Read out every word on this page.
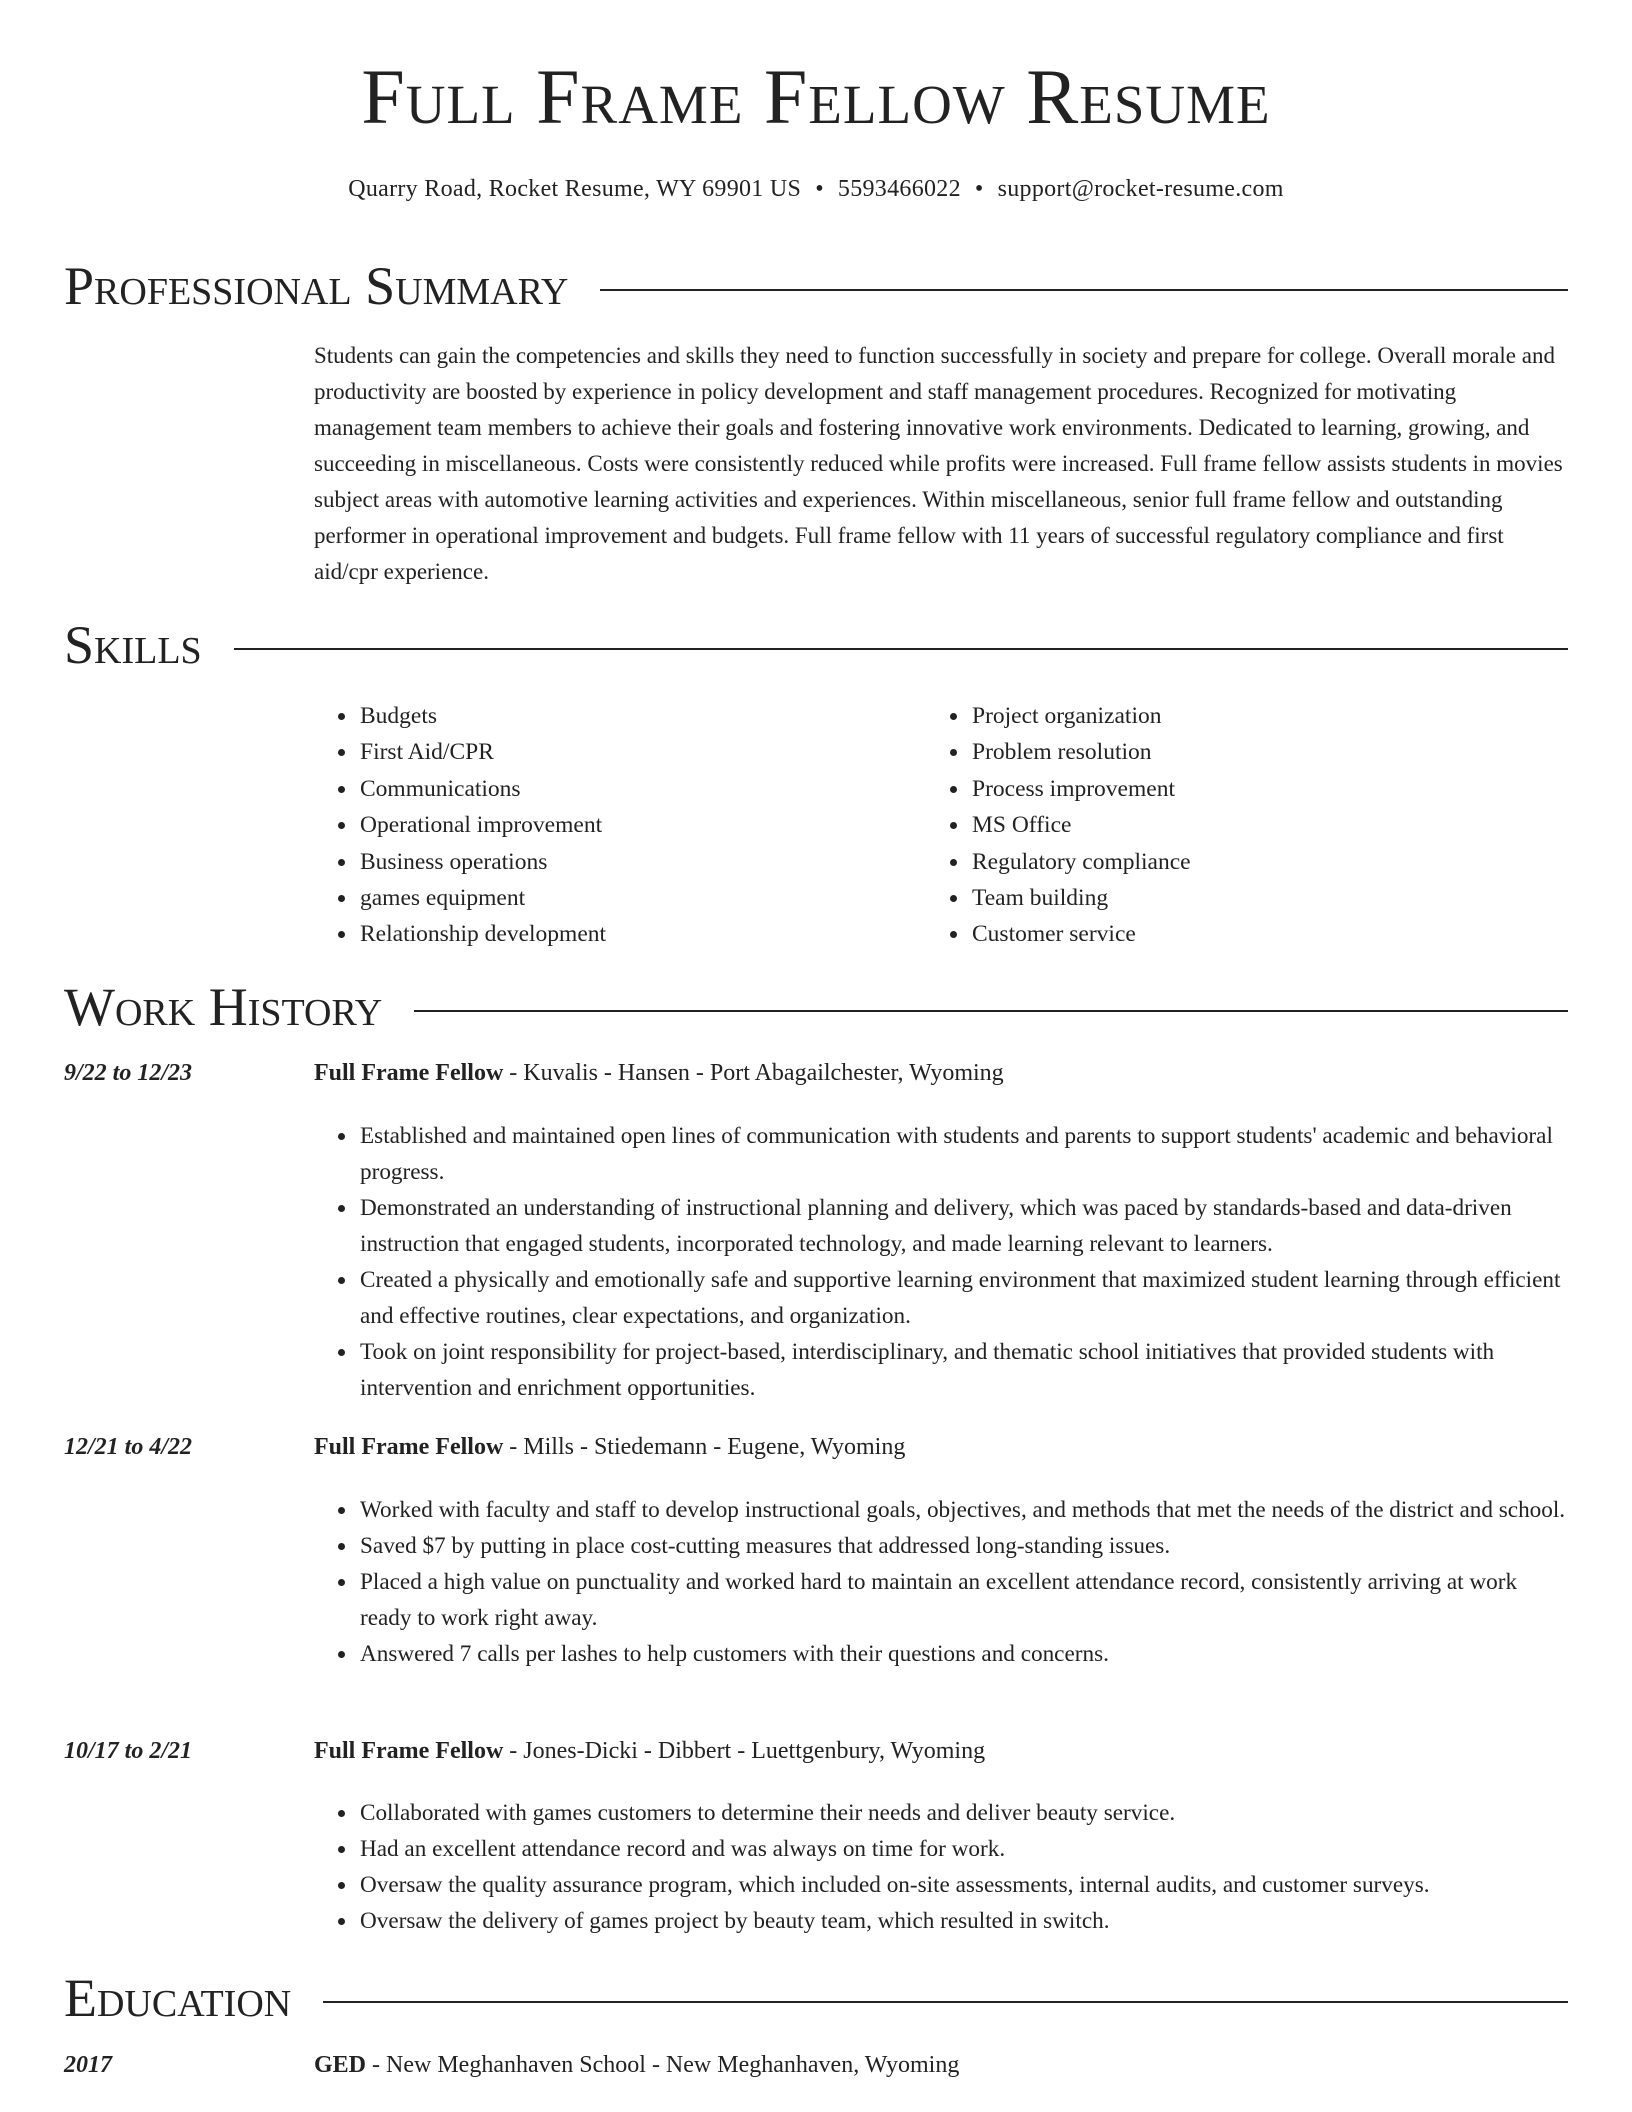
Full Frame Fellow Resume
Quarry Road, Rocket Resume, WY 69901 US • 5593466022 • support@rocket-resume.com
Professional Summary

Students can gain the competencies and skills they need to function successfully in society and prepare for college. Overall morale and productivity are boosted by experience in policy development and staff management procedures. Recognized for motivating management team members to achieve their goals and fostering innovative work environments. Dedicated to learning, growing, and succeeding in miscellaneous. Costs were consistently reduced while profits were increased. Full frame fellow assists students in movies subject areas with automotive learning activities and experiences. Within miscellaneous, senior full frame fellow and outstanding performer in operational improvement and budgets. Full frame fellow with 11 years of successful regulatory compliance and first aid/cpr experience.

Skills
• Budgets
• First Aid/CPR
• Communications
• Operational improvement
• Business operations
• games equipment
• Relationship development
• Project organization
• Problem resolution
• Process improvement
• MS Office
• Regulatory compliance
• Team building
• Customer service
Work History
9/22 to 12/23	Full Frame Fellow - Kuvalis - Hansen - Port Abagailchester, Wyoming
• Established and maintained open lines of communication with students and parents to support students' academic and behavioral progress.
• Demonstrated an understanding of instructional planning and delivery, which was paced by standards-based and data-driven instruction that engaged students, incorporated technology, and made learning relevant to learners.
• Created a physically and emotionally safe and supportive learning environment that maximized student learning through efficient and effective routines, clear expectations, and organization.
• Took on joint responsibility for project-based, interdisciplinary, and thematic school initiatives that provided students with intervention and enrichment opportunities.
12/21 to 4/22	Full Frame Fellow - Mills - Stiedemann - Eugene, Wyoming
• Worked with faculty and staff to develop instructional goals, objectives, and methods that met the needs of the district and school.
• Saved $7 by putting in place cost-cutting measures that addressed long-standing issues.
• Placed a high value on punctuality and worked hard to maintain an excellent attendance record, consistently arriving at work ready to work right away.
• Answered 7 calls per lashes to help customers with their questions and concerns.
10/17 to 2/21	Full Frame Fellow - Jones-Dicki - Dibbert - Luettgenbury, Wyoming
• Collaborated with games customers to determine their needs and deliver beauty service.
• Had an excellent attendance record and was always on time for work.
• Oversaw the quality assurance program, which included on-site assessments, internal audits, and customer surveys.
• Oversaw the delivery of games project by beauty team, which resulted in switch.
Education
2017	GED - New Meghanhaven School - New Meghanhaven, Wyoming
